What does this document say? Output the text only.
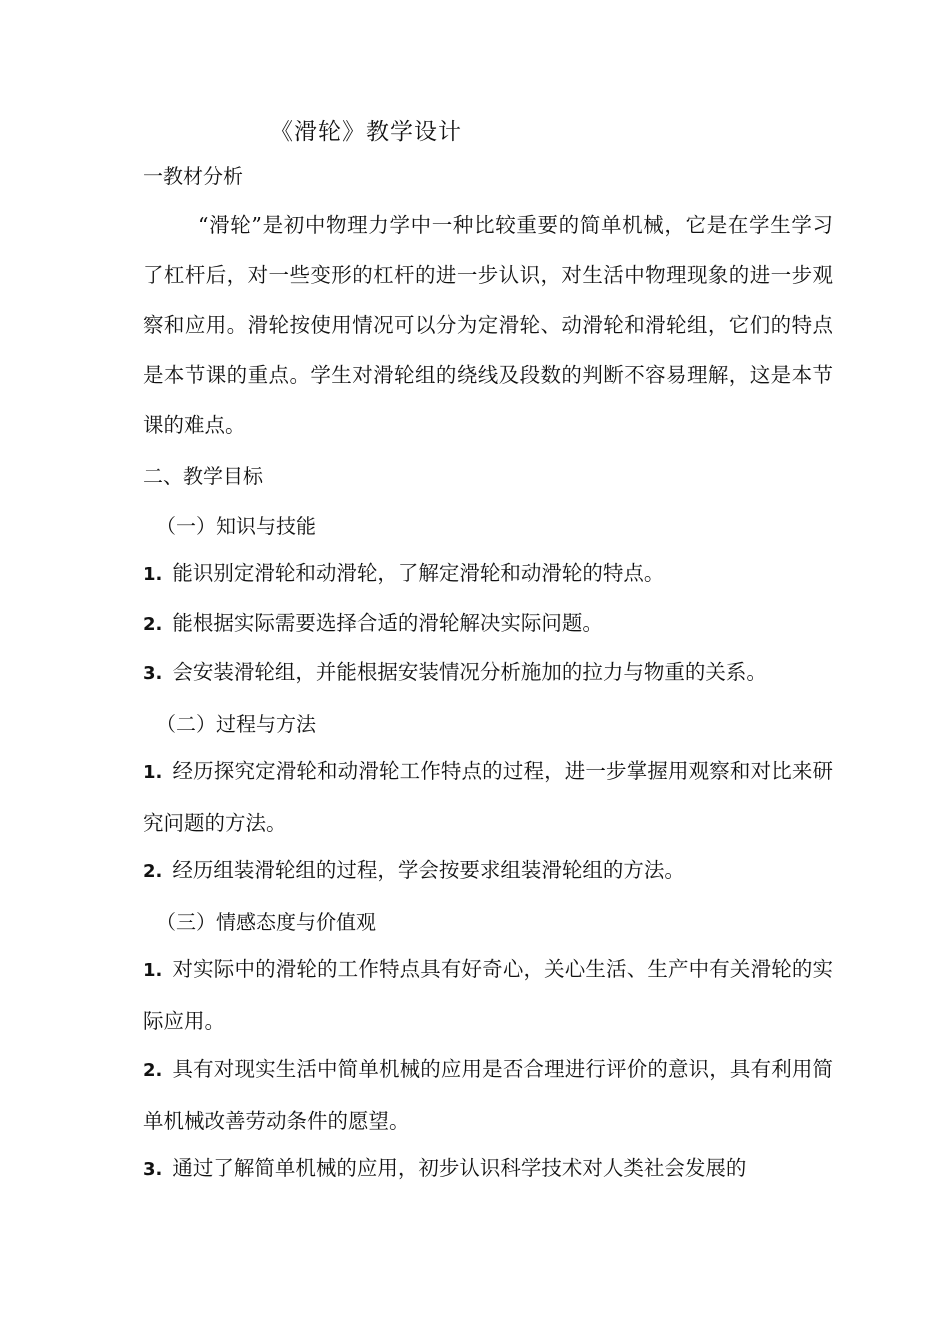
《滑轮》教学设计
一教材分析
“滑轮”是初中物理力学中一种比较重要的简单机械，它是在学生学习了杠杆后，对一些变形的杠杆的进一步认识，对生活中物理现象的进一步观察和应用。滑轮按使用情况可以分为定滑轮、动滑轮和滑轮组，它们的特点是本节课的重点。学生对滑轮组的绕线及段数的判断不容易理解，这是本节课的难点。
二、教学目标
（一）知识与技能
1. 能识别定滑轮和动滑轮，了解定滑轮和动滑轮的特点。
2. 能根据实际需要选择合适的滑轮解决实际问题。
3. 会安装滑轮组，并能根据安装情况分析施加的拉力与物重的关系。
（二）过程与方法
1. 经历探究定滑轮和动滑轮工作特点的过程，进一步掌握用观察和对比来研究问题的方法。
2. 经历组装滑轮组的过程，学会按要求组装滑轮组的方法。
（三）情感态度与价值观
1. 对实际中的滑轮的工作特点具有好奇心，关心生活、生产中有关滑轮的实际应用。
2. 具有对现实生活中简单机械的应用是否合理进行评价的意识，具有利用简单机械改善劳动条件的愿望。
3. 通过了解简单机械的应用，初步认识科学技术对人类社会发展的
